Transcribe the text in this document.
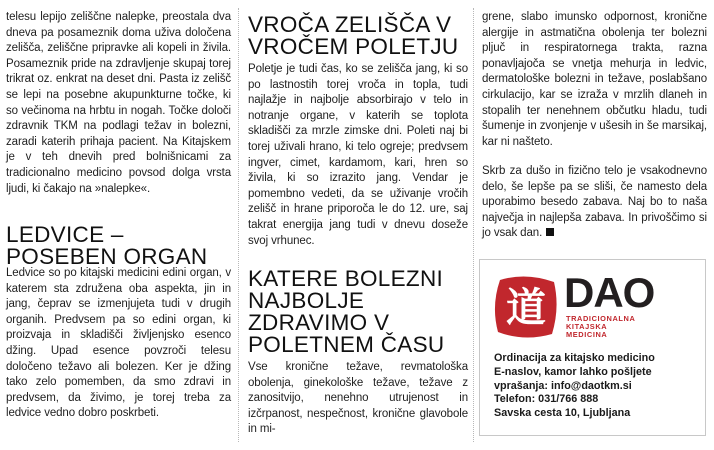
telesu lepijo zeliščne nalepke, preostala dva dneva pa posameznik doma uživa določena zelišča, zeliščne pripravke ali kopeli in živila. Posameznik pride na zdravljenje skupaj torej trikrat oz. enkrat na deset dni. Pasta iz zelišč se lepi na posebne akupunkturne točke, ki so večinoma na hrbtu in nogah. Točke določi zdravnik TKM na podlagi težav in bolezni, zaradi katerih prihaja pacient. Na Kitajskem je v teh dnevih pred bolnišnicami za tradicionalno medicino povsod dolga vrsta ljudi, ki čakajo na »nalepke«.

LEDVICE – POSEBEN ORGAN

Ledvice so po kitajski medicini edini organ, v katerem sta združena oba aspekta, jin in jang, čeprav se izmenjujeta tudi v drugih organih. Predvsem pa so edini organ, ki proizvaja in skladišči življenjsko esenco džing. Upad esence povzroči telesu določeno težavo ali bolezen. Ker je džing tako zelo pomemben, da smo zdravi in predvsem, da živimo, je torej treba za ledvice vedno dobro poskrbeti.

VROČA ZELIŠČA V VROČEM POLETJU

Poletje je tudi čas, ko se zelišča jang, ki so po lastnostih torej vroča in topla, tudi najlažje in najbolje absorbirajo v telo in notranje organe, v katerih se toplota skladišči za mrzle zimske dni. Poleti naj bi torej uživali hrano, ki telo ogreje; predvsem ingver, cimet, kardamom, kari, hren so živila, ki so izrazito jang. Vendar je pomembno vedeti, da se uživanje vročih zelišč in hrane priporoča le do 12. ure, saj takrat energija jang tudi v dnevu doseže svoj vrhunec.

KATERE BOLEZNI NAJBOLJE ZDRAVIMO V POLETNEM ČASU

Vse kronične težave, revmatološka obolenja, ginekološke težave, težave z zanositvijo, nenehno utrujenost in izčrpanost, nespečnost, kronične glavobole in mi-

grene, slabo imunsko odpornost, kronične alergije in astmatična obolenja ter bolezni pljuč in respiratornega trakta, razna ponavljajoča se vnetja mehurja in ledvic, dermatološke bolezni in težave, poslabšano cirkulacijo, kar se izraža v mrzlih dlaneh in stopalih ter nenehnem občutku hladu, tudi šumenje in zvonjenje v ušesih in še marsikaj, kar ni našteto.

Skrb za dušo in fizično telo je vsakodnevno delo, še lepše pa se sliši, če namesto dela uporabimo besedo zabava. Naj bo to naša največja in najlepša zabava. In privoščimo si jo vsak dan.

道 DAO
TRADICIONALNA
KITAJSKA
MEDICINA
Ordinacija za kitajsko medicino
E-naslov, kamor lahko pošljete
vprašanja: info@daotkm.si
Telefon: 031/766 888
Savska cesta 10, Ljubljana
